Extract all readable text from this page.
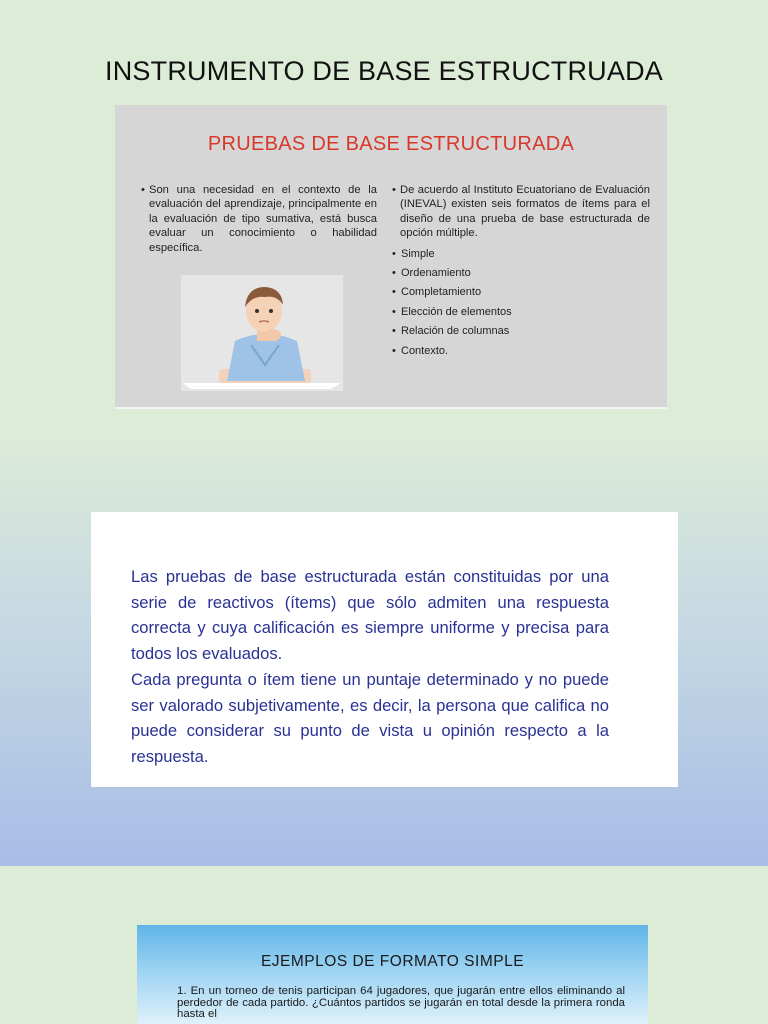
INSTRUMENTO DE BASE ESTRUCTRUADA
PRUEBAS DE BASE ESTRUCTURADA
• Son una necesidad en el contexto de la evaluación del aprendizaje, principalmente en la evaluación de tipo sumativa, está busca evaluar un conocimiento o habilidad específica.
• De acuerdo al Instituto Ecuatoriano de Evaluación (INEVAL) existen seis formatos de ítems para el diseño de una prueba de base estructurada de opción múltiple.
• Simple
• Ordenamiento
• Completamiento
• Elección de elementos
• Relación de columnas
• Contexto.

Las pruebas de base estructurada están constituidas por una serie de reactivos (ítems) que sólo admiten una respuesta correcta y cuya calificación es siempre uniforme y precisa para todos los evaluados.

Cada pregunta o ítem tiene un puntaje determinado y no puede ser valorado subjetivamente, es decir, la persona que califica no puede considerar su punto de vista u opinión respecto a la respuesta.

EJEMPLOS DE FORMATO SIMPLE
1. En un torneo de tenis participan 64 jugadores, que jugarán entre ellos eliminando al perdedor de cada partido. ¿Cuántos partidos se jugarán en total desde la primera ronda hasta el
